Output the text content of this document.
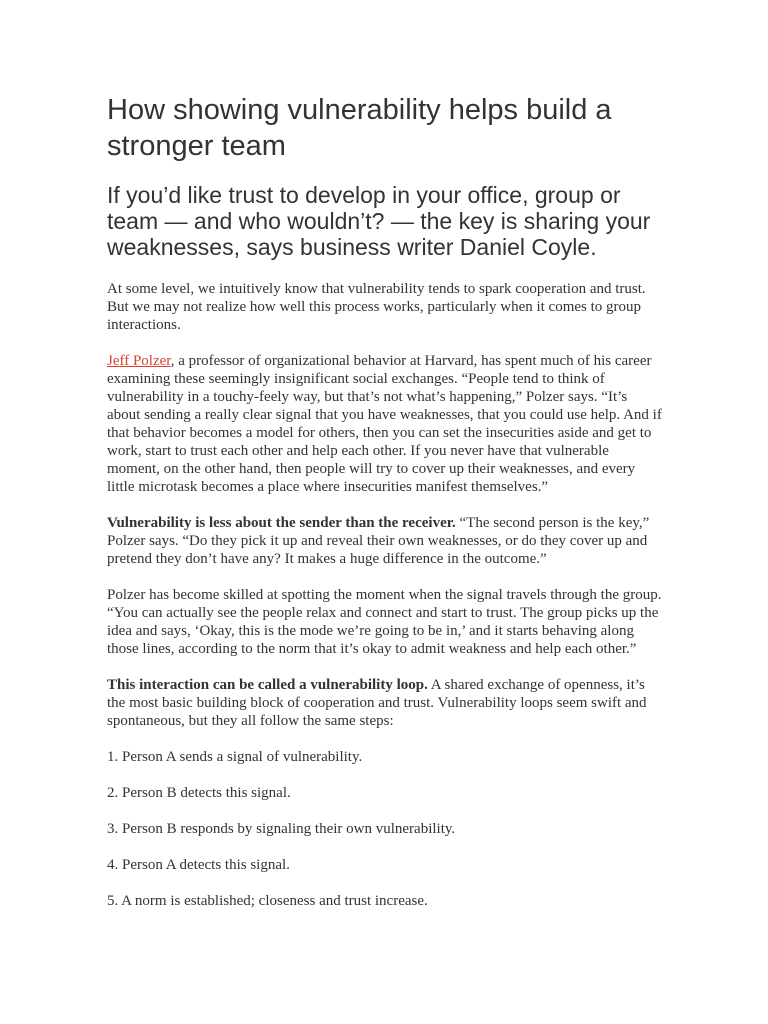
How showing vulnerability helps build a stronger team
If you’d like trust to develop in your office, group or team — and who wouldn’t? — the key is sharing your weaknesses, says business writer Daniel Coyle.

At some level, we intuitively know that vulnerability tends to spark cooperation and trust. But we may not realize how well this process works, particularly when it comes to group interactions.

Jeff Polzer, a professor of organizational behavior at Harvard, has spent much of his career examining these seemingly insignificant social exchanges. “People tend to think of vulnerability in a touchy-feely way, but that’s not what’s happening,” Polzer says. “It’s about sending a really clear signal that you have weaknesses, that you could use help. And if that behavior becomes a model for others, then you can set the insecurities aside and get to work, start to trust each other and help each other. If you never have that vulnerable moment, on the other hand, then people will try to cover up their weaknesses, and every little microtask becomes a place where insecurities manifest themselves.”

Vulnerability is less about the sender than the receiver. “The second person is the key,” Polzer says. “Do they pick it up and reveal their own weaknesses, or do they cover up and pretend they don’t have any? It makes a huge difference in the outcome.”

Polzer has become skilled at spotting the moment when the signal travels through the group. “You can actually see the people relax and connect and start to trust. The group picks up the idea and says, ‘Okay, this is the mode we’re going to be in,’ and it starts behaving along those lines, according to the norm that it’s okay to admit weakness and help each other.”

This interaction can be called a vulnerability loop. A shared exchange of openness, it’s the most basic building block of cooperation and trust. Vulnerability loops seem swift and spontaneous, but they all follow the same steps:

1. Person A sends a signal of vulnerability.

2. Person B detects this signal.

3. Person B responds by signaling their own vulnerability.

4. Person A detects this signal.

5. A norm is established; closeness and trust increase.
